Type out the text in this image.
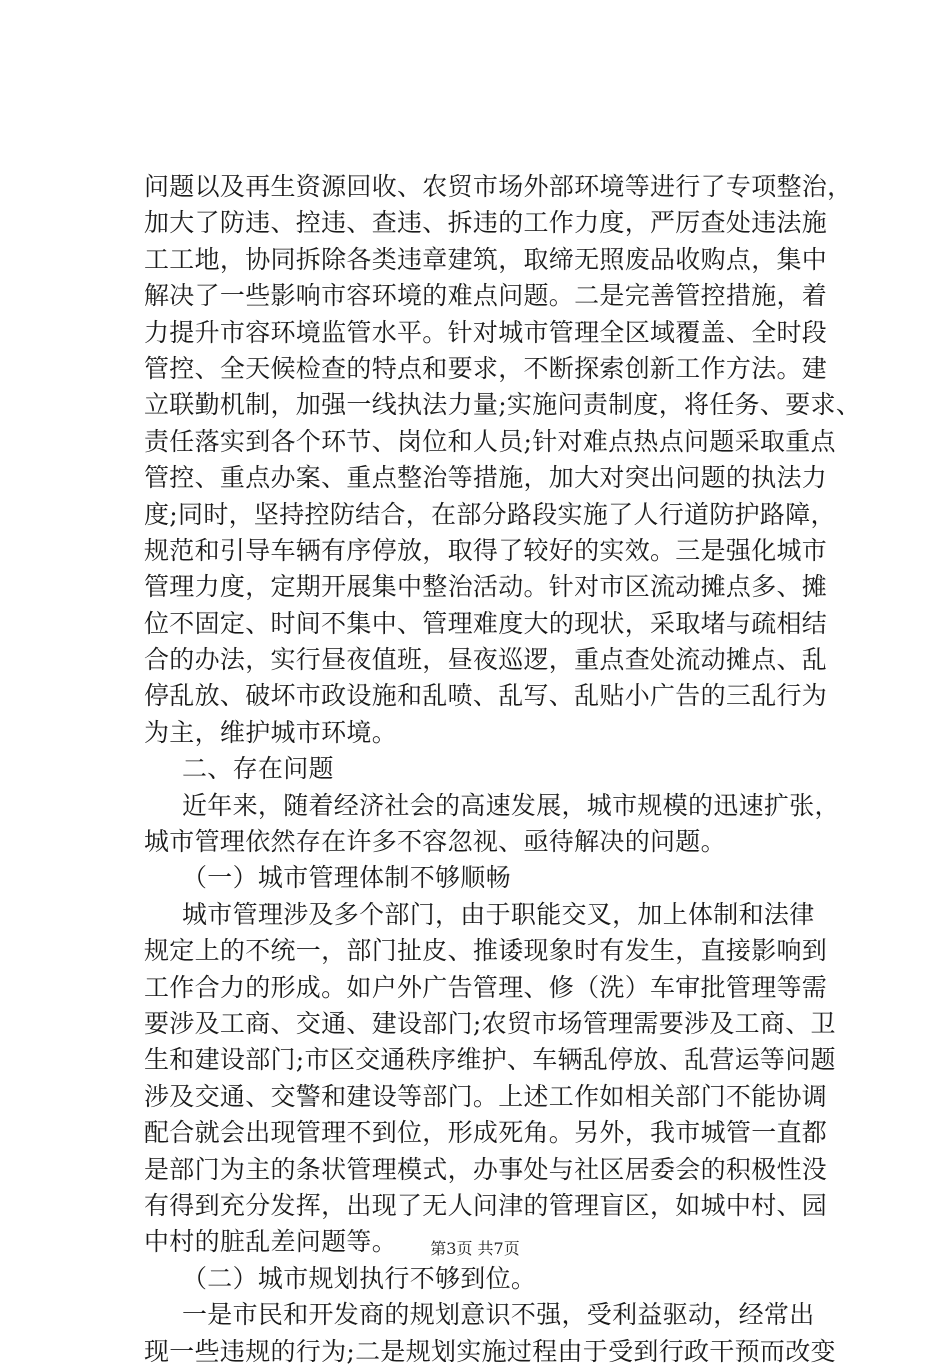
问题以及再生资源回收、农贸市场外部环境等进行了专项整治，
加大了防违、控违、查违、拆违的工作力度，严厉查处违法施
工工地，协同拆除各类违章建筑，取缔无照废品收购点，集中
解决了一些影响市容环境的难点问题。二是完善管控措施，着
力提升市容环境监管水平。针对城市管理全区域覆盖、全时段
管控、全天候检查的特点和要求，不断探索创新工作方法。建
立联勤机制，加强一线执法力量;实施问责制度，将任务、要求、
责任落实到各个环节、岗位和人员;针对难点热点问题采取重点
管控、重点办案、重点整治等措施，加大对突出问题的执法力
度;同时，坚持控防结合，在部分路段实施了人行道防护路障，
规范和引导车辆有序停放，取得了较好的实效。三是强化城市
管理力度，定期开展集中整治活动。针对市区流动摊点多、摊
位不固定、时间不集中、管理难度大的现状，采取堵与疏相结
合的办法，实行昼夜值班，昼夜巡逻，重点查处流动摊点、乱
停乱放、破坏市政设施和乱喷、乱写、乱贴小广告的三乱行为
为主，维护城市环境。
二、存在问题
近年来，随着经济社会的高速发展，城市规模的迅速扩张，
城市管理依然存在许多不容忽视、亟待解决的问题。
（一）城市管理体制不够顺畅
城市管理涉及多个部门，由于职能交叉，加上体制和法律
规定上的不统一，部门扯皮、推诿现象时有发生，直接影响到
工作合力的形成。如户外广告管理、修（洗）车审批管理等需
要涉及工商、交通、建设部门;农贸市场管理需要涉及工商、卫
生和建设部门;市区交通秩序维护、车辆乱停放、乱营运等问题
涉及交通、交警和建设等部门。上述工作如相关部门不能协调
配合就会出现管理不到位，形成死角。另外，我市城管一直都
是部门为主的条状管理模式，办事处与社区居委会的积极性没
有得到充分发挥，出现了无人问津的管理盲区，如城中村、园
中村的脏乱差问题等。
（二）城市规划执行不够到位。
一是市民和开发商的规划意识不强，受利益驱动，经常出
现一些违规的行为;二是规划实施过程由于受到行政干预而改变
第3页 共7页
